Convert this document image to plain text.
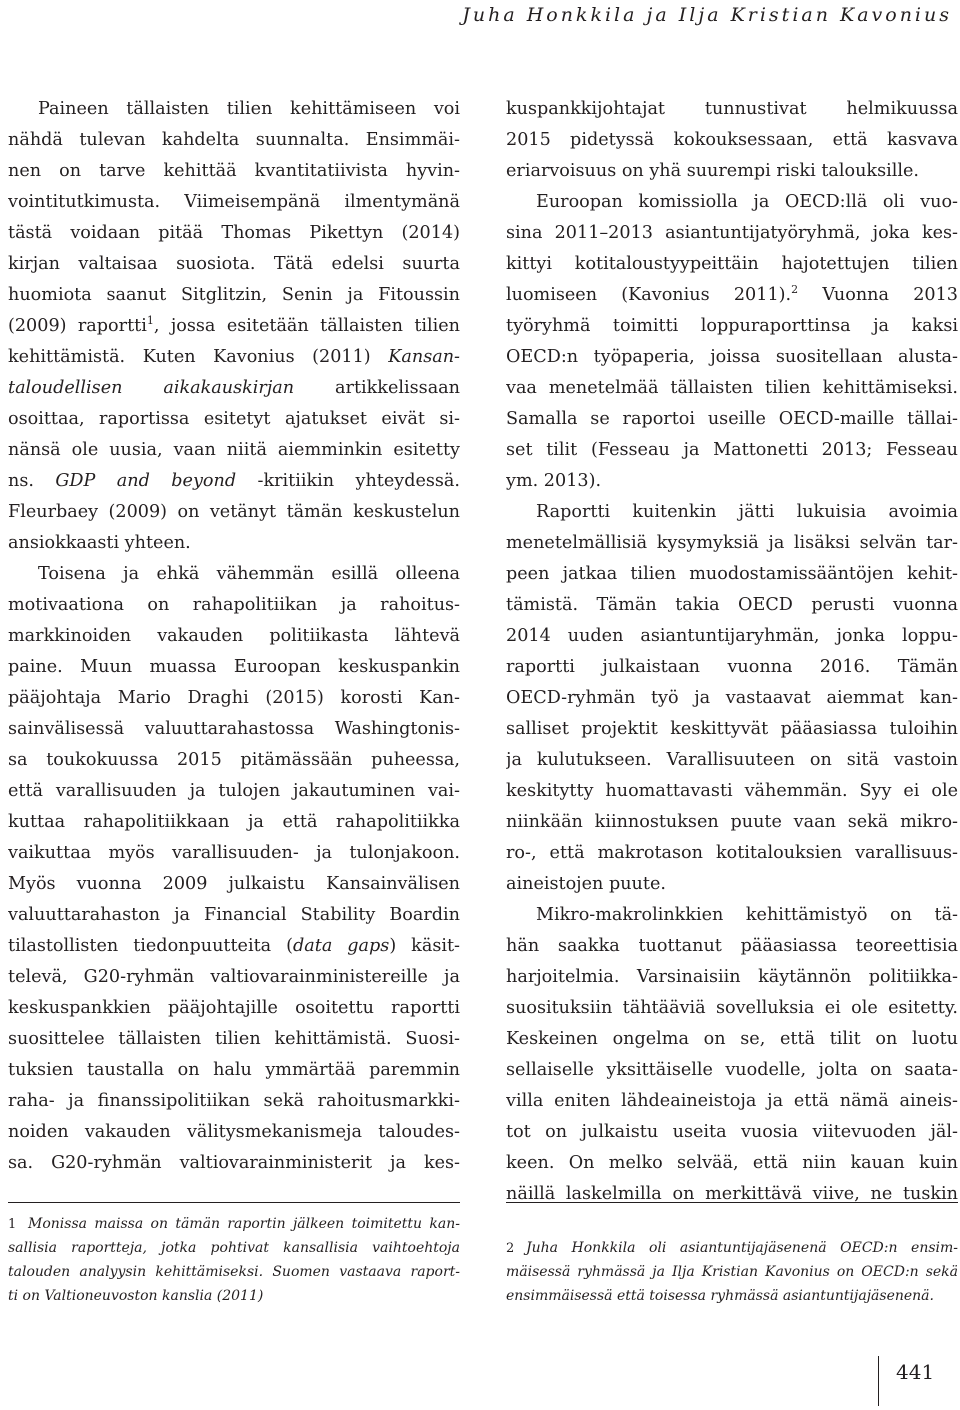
Juha Honkkila ja Ilja Kristian Kavonius
Paineen tällaisten tilien kehittämiseen voi
nähdä tulevan kahdelta suunnalta. Ensimmäi-
nen on tarve kehittää kvantitatiivista hyvin-
vointitutkimusta. Viimeisempänä ilmentymänä
tästä voidaan pitää Thomas Pikettyn (2014)
kirjan valtaisaa suosiota. Tätä edelsi suurta
huomiota saanut Sitglitzin, Senin ja Fitoussin
(2009) raportti$^1$, jossa esitetään tällaisten tilien
kehittämistä. Kuten Kavonius (2011) Kansan-
taloudellisen aikakauskirjan artikkelissaan
osoittaa, raportissa esitetyt ajatukset eivät si-
nänsä ole uusia, vaan niitä aiemminkin esitetty
ns. GDP and beyond -kritiikin yhteydessä.
Fleurbaey (2009) on vetänyt tämän keskustelun
ansiokkaasti yhteen.
Toisena ja ehkä vähemmän esillä olleena
motivaationa on rahapolitiikan ja rahoitus-
markkinoiden vakauden politiikasta lähtevä
paine. Muun muassa Euroopan keskuspankin
pääjohtaja Mario Draghi (2015) korosti Kan-
sainvälisessä valuuttarahastossa Washingtonis-
sa toukokuussa 2015 pitämässään puheessa,
että varallisuuden ja tulojen jakautuminen vai-
kuttaa rahapolitiikkaan ja että rahapolitiikka
vaikuttaa myös varallisuuden- ja tulonjakoon.
Myös vuonna 2009 julkaistu Kansainvälisen
valuuttarahaston ja Financial Stability Boardin
tilastollisten tiedonpuutteita (data gaps) käsit-
televä, G20-ryhmän valtiovarainministereille ja
keskuspankkien pääjohtajille osoitettu raportti
suosittelee tällaisten tilien kehittämistä. Suosi-
tuksien taustalla on halu ymmärtää paremmin
raha- ja finanssipolitiikan sekä rahoitusmarkki-
noiden vakauden välitysmekanismeja taloudes-
sa. G20-ryhmän valtiovarainministerit ja kes-
kuspankkijohtajat tunnustivat helmikuussa
2015 pidetyssä kokouksessaan, että kasvava
eriarvoisuus on yhä suurempi riski talouksille.
Euroopan komissiolla ja OECD:llä oli vuo-
sina 2011–2013 asiantuntijatyöryhmä, joka kes-
kittyi kotitaloustyypeittäin hajotettujen tilien
luomiseen (Kavonius 2011).$^2$ Vuonna 2013
työryhmä toimitti loppuraporttinsa ja kaksi
OECD:n työpaperia, joissa suositellaan alusta-
vaa menetelmää tällaisten tilien kehittämiseksi.
Samalla se raportoi useille OECD-maille tällai-
set tilit (Fesseau ja Mattonetti 2013; Fesseau
ym. 2013).
Raportti kuitenkin jätti lukuisia avoimia
menetelmällisiä kysymyksiä ja lisäksi selvän tar-
peen jatkaa tilien muodostamissääntöjen kehit-
tämistä. Tämän takia OECD perusti vuonna
2014 uuden asiantuntijaryhmän, jonka loppu-
raportti julkaistaan vuonna 2016. Tämän
OECD-ryhmän työ ja vastaavat aiemmat kan-
salliset projektit keskittyvät pääasiassa tuloihin
ja kulutukseen. Varallisuuteen on sitä vastoin
keskitytty huomattavasti vähemmän. Syy ei ole
niinkään kiinnostuksen puute vaan sekä mikro-
ro-, että makrotason kotitalouksien varallisuus-
aineistojen puute.
Mikro-makrolinkkien kehittämistyö on tä-
hän saakka tuottanut pääasiassa teoreettisia
harjoitelmia. Varsinaisiin käytännön politiikka-
suosituksiin tähtääviä sovelluksia ei ole esitetty.
Keskeinen ongelma on se, että tilit on luotu
sellaiselle yksittäiselle vuodelle, jolta on saata-
villa eniten lähdeaineistoja ja että nämä aineis-
tot on julkaistu useita vuosia viitevuoden jäl-
keen. On melko selvää, että niin kauan kuin
näillä laskelmilla on merkittävä viive, ne tuskin
1 Monissa maissa on tämän raportin jälkeen toimitettu kan-
sallisia raportteja, jotka pohtivat kansallisia vaihtoehtoja
talouden analyysin kehittämiseksi. Suomen vastaava raport-
ti on Valtioneuvoston kanslia (2011)
2 Juha Honkkila oli asiantuntijajäsenenä OECD:n ensim-
mäisessä ryhmässä ja Ilja Kristian Kavonius on OECD:n sekä
ensimmäisessä että toisessa ryhmässä asiantuntijajäsenenä.
441
